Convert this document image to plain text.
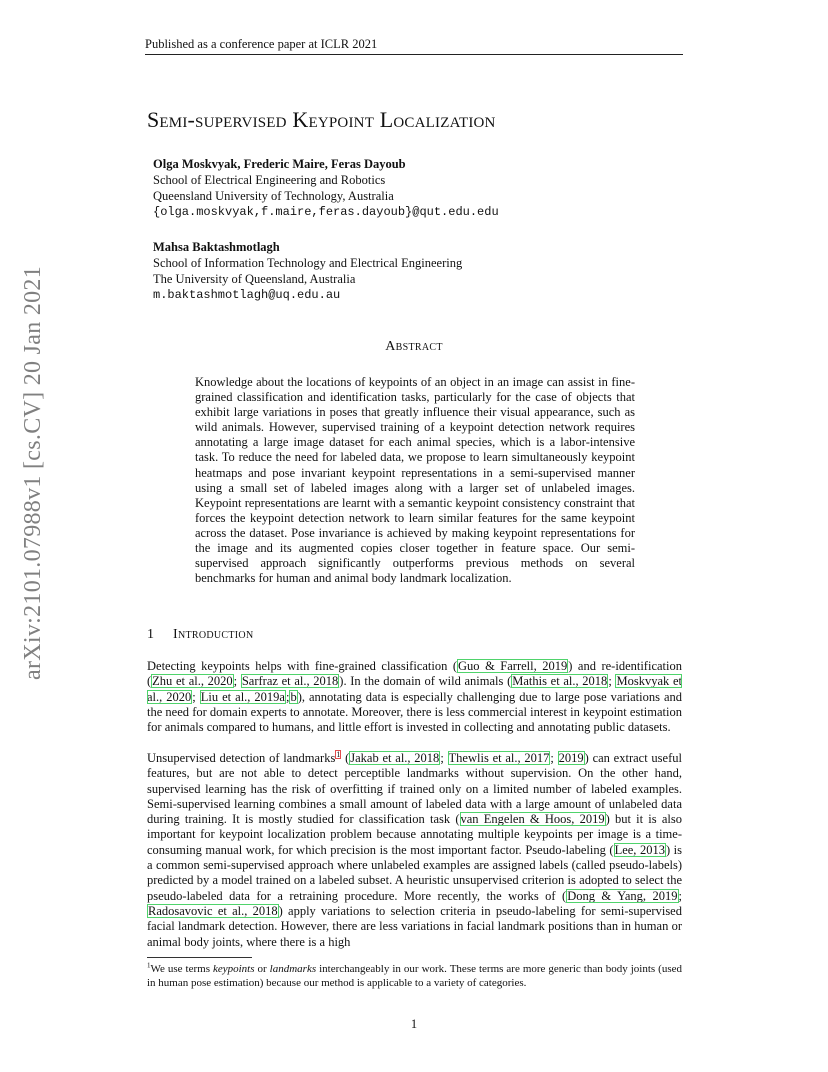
Published as a conference paper at ICLR 2021
arXiv:2101.07988v1 [cs.CV] 20 Jan 2021
Semi-supervised Keypoint Localization
Olga Moskvyak, Frederic Maire, Feras Dayoub
School of Electrical Engineering and Robotics
Queensland University of Technology, Australia
{olga.moskvyak,f.maire,feras.dayoub}@qut.edu.edu
Mahsa Baktashmotlagh
School of Information Technology and Electrical Engineering
The University of Queensland, Australia
m.baktashmotlagh@uq.edu.au
Abstract
Knowledge about the locations of keypoints of an object in an image can assist in fine-grained classification and identification tasks, particularly for the case of objects that exhibit large variations in poses that greatly influence their visual appearance, such as wild animals. However, supervised training of a keypoint detection network requires annotating a large image dataset for each animal species, which is a labor-intensive task. To reduce the need for labeled data, we propose to learn simultaneously keypoint heatmaps and pose invariant keypoint representations in a semi-supervised manner using a small set of labeled images along with a larger set of unlabeled images. Keypoint representations are learnt with a semantic keypoint consistency constraint that forces the keypoint detection network to learn similar features for the same keypoint across the dataset. Pose invariance is achieved by making keypoint representations for the image and its augmented copies closer together in feature space. Our semi-supervised approach significantly outperforms previous methods on several benchmarks for human and animal body landmark localization.
1 Introduction
Detecting keypoints helps with fine-grained classification (Guo & Farrell, 2019) and re-identification (Zhu et al., 2020; Sarfraz et al., 2018). In the domain of wild animals (Mathis et al., 2018; Moskvyak et al., 2020; Liu et al., 2019a;b), annotating data is especially challenging due to large pose variations and the need for domain experts to annotate. Moreover, there is less commercial interest in keypoint estimation for animals compared to humans, and little effort is invested in collecting and annotating public datasets.
Unsupervised detection of landmarks$^1$ (Jakab et al., 2018; Thewlis et al., 2017; 2019) can extract useful features, but are not able to detect perceptible landmarks without supervision. On the other hand, supervised learning has the risk of overfitting if trained only on a limited number of labeled examples. Semi-supervised learning combines a small amount of labeled data with a large amount of unlabeled data during training. It is mostly studied for classification task (van Engelen & Hoos, 2019) but it is also important for keypoint localization problem because annotating multiple keypoints per image is a time-consuming manual work, for which precision is the most important factor. Pseudo-labeling (Lee, 2013) is a common semi-supervised approach where unlabeled examples are assigned labels (called pseudo-labels) predicted by a model trained on a labeled subset. A heuristic unsupervised criterion is adopted to select the pseudo-labeled data for a retraining procedure. More recently, the works of (Dong & Yang, 2019; Radosavovic et al., 2018) apply variations to selection criteria in pseudo-labeling for semi-supervised facial landmark detection. However, there are less variations in facial landmark positions than in human or animal body joints, where there is a high
$^1$We use terms keypoints or landmarks interchangeably in our work. These terms are more generic than body joints (used in human pose estimation) because our method is applicable to a variety of categories.
1
